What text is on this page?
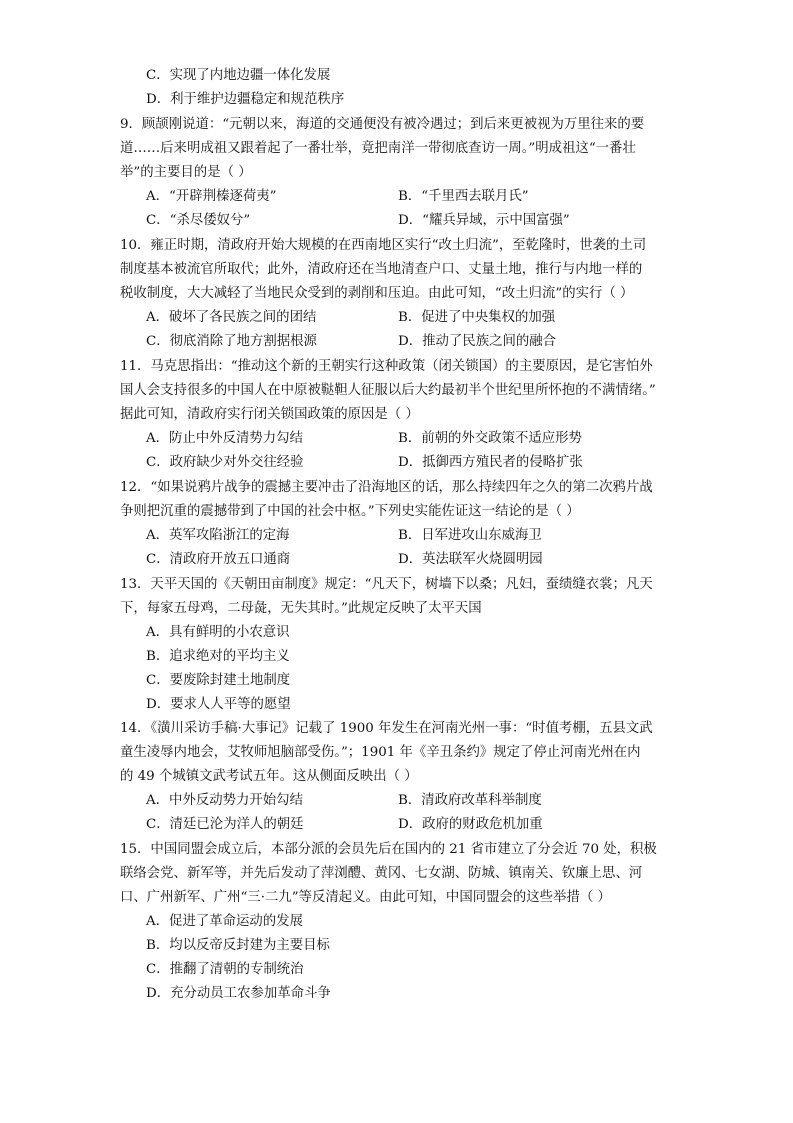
C．实现了内地边疆一体化发展
D．利于维护边疆稳定和规范秩序
9．顾颉刚说道：“元朝以来，海道的交通便没有被冷遇过；到后来更被视为万里往来的要
道……后来明成祖又跟着起了一番壮举，竟把南洋一带彻底查访一周。”明成祖这“一番壮
举”的主要目的是（ ）
A．“开辟荆榛逐荷夷”	B．“千里西去联月氏”
C．“杀尽倭奴兮”	D．“耀兵异域，示中国富强”
10．雍正时期，清政府开始大规模的在西南地区实行“改土归流”，至乾隆时，世袭的土司
制度基本被流官所取代；此外，清政府还在当地清查户口、丈量土地，推行与内地一样的
税收制度，大大减轻了当地民众受到的剥削和压迫。由此可知，“改土归流”的实行（ ）
A．破坏了各民族之间的团结	B．促进了中央集权的加强
C．彻底消除了地方割据根源	D．推动了民族之间的融合
11．马克思指出：“推动这个新的王朝实行这种政策（闭关锁国）的主要原因，是它害怕外
国人会支持很多的中国人在中原被鞑靼人征服以后大约最初半个世纪里所怀抱的不满情绪。”
据此可知，清政府实行闭关锁国政策的原因是（ ）
A．防止中外反清势力勾结	B．前朝的外交政策不适应形势
C．政府缺少对外交往经验	D．抵御西方殖民者的侵略扩张
12．“如果说鸦片战争的震撼主要冲击了沿海地区的话，那么持续四年之久的第二次鸦片战
争则把沉重的震撼带到了中国的社会中枢。”下列史实能佐证这一结论的是（ ）
A．英军攻陷浙江的定海	B．日军进攻山东威海卫
C．清政府开放五口通商	D．英法联军火烧圆明园
13．天平天国的《天朝田亩制度》规定：“凡天下，树墙下以桑；凡妇，蚕绩缝衣裳；凡天
下，每家五母鸡，二母彘，无失其时。”此规定反映了太平天国
A．具有鲜明的小农意识
B．追求绝对的平均主义
C．要废除封建土地制度
D．要求人人平等的愿望
14．《潢川采访手稿·大事记》记载了 1900 年发生在河南光州一事：“时值考棚，五县文武
童生凌辱内地会，艾牧师旭脑部受伤。”；1901 年《辛丑条约》规定了停止河南光州在内
的 49 个城镇文武考试五年。这从侧面反映出（ ）
A．中外反动势力开始勾结	B．清政府改革科举制度
C．清廷已沦为洋人的朝廷	D．政府的财政危机加重
15．中国同盟会成立后，本部分派的会员先后在国内的 21 省市建立了分会近 70 处，积极
联络会党、新军等，并先后发动了萍浏醴、黄冈、七女湖、防城、镇南关、钦廉上思、河
口、广州新军、广州“三·二九”等反清起义。由此可知，中国同盟会的这些举措（ ）
A．促进了革命运动的发展
B．均以反帝反封建为主要目标
C．推翻了清朝的专制统治
D．充分动员工农参加革命斗争
